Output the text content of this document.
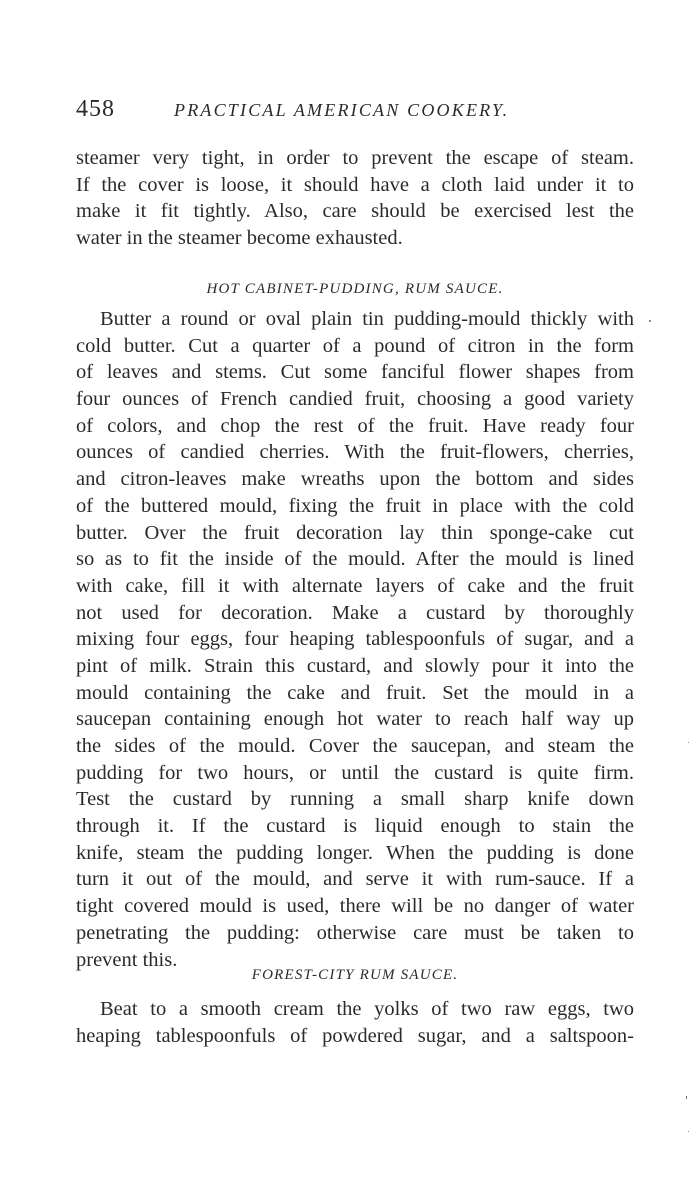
458	PRACTICAL AMERICAN COOKERY.
steamer very tight, in order to prevent the escape of steam.
If the cover is loose, it should have a cloth laid under it to
make it fit tightly. Also, care should be exercised lest the
water in the steamer become exhausted.
HOT CABINET-PUDDING, RUM SAUCE.
Butter a round or oval plain tin pudding-mould thickly with
cold butter. Cut a quarter of a pound of citron in the form
of leaves and stems. Cut some fanciful flower shapes from
four ounces of French candied fruit, choosing a good variety
of colors, and chop the rest of the fruit. Have ready four
ounces of candied cherries. With the fruit-flowers, cherries,
and citron-leaves make wreaths upon the bottom and sides
of the buttered mould, fixing the fruit in place with the cold
butter. Over the fruit decoration lay thin sponge-cake cut
so as to fit the inside of the mould. After the mould is lined
with cake, fill it with alternate layers of cake and the fruit
not used for decoration. Make a custard by thoroughly
mixing four eggs, four heaping tablespoonfuls of sugar, and a
pint of milk. Strain this custard, and slowly pour it into the
mould containing the cake and fruit. Set the mould in a
saucepan containing enough hot water to reach half way up
the sides of the mould. Cover the saucepan, and steam the
pudding for two hours, or until the custard is quite firm.
Test the custard by running a small sharp knife down
through it. If the custard is liquid enough to stain the
knife, steam the pudding longer. When the pudding is done
turn it out of the mould, and serve it with rum-sauce. If a
tight covered mould is used, there will be no danger of water
penetrating the pudding: otherwise care must be taken to
prevent this.
FOREST-CITY RUM SAUCE.
Beat to a smooth cream the yolks of two raw eggs, two
heaping tablespoonfuls of powdered sugar, and a saltspoon-
